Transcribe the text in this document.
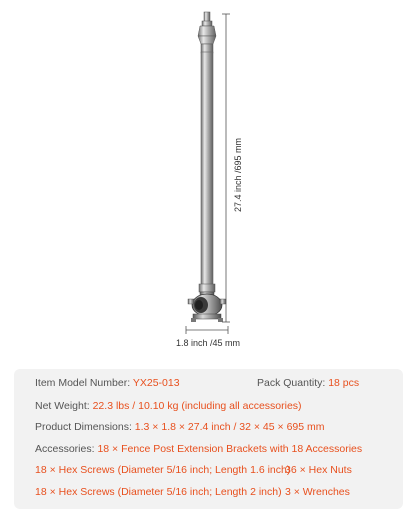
27.4 inch /695 mm
1.8 inch /45 mm
Item Model Number: YX25-013	Pack Quantity: 18 pcs
Net Weight: 22.3 lbs / 10.10 kg (including all accessories)
Product Dimensions: 1.3 × 1.8 × 27.4 inch / 32 × 45 × 695 mm
Accessories: 18 × Fence Post Extension Brackets with 18 Accessories
18 × Hex Screws (Diameter 5/16 inch; Length 1.6 inch)
36 × Hex Nuts
18 × Hex Screws (Diameter 5/16 inch; Length 2 inch) 3 × Wrenches
